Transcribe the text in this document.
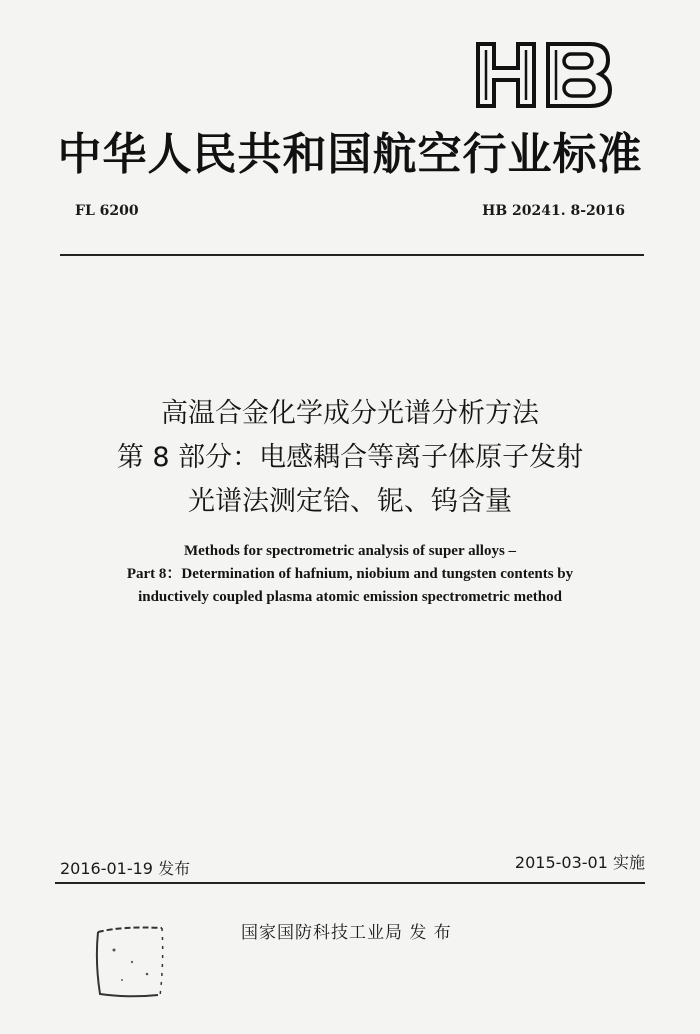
中华人民共和国航空行业标准
FL 6200	HB 20241. 8-2016
高温合金化学成分光谱分析方法
第 8 部分：电感耦合等离子体原子发射
光谱法测定铪、铌、钨含量
Methods for spectrometric analysis of super alloys –
Part 8：Determination of hafnium, niobium and tungsten contents by
inductively coupled plasma atomic emission spectrometric method
2016-01-19 发布	2015-03-01 实施
国家国防科技工业局 发 布
